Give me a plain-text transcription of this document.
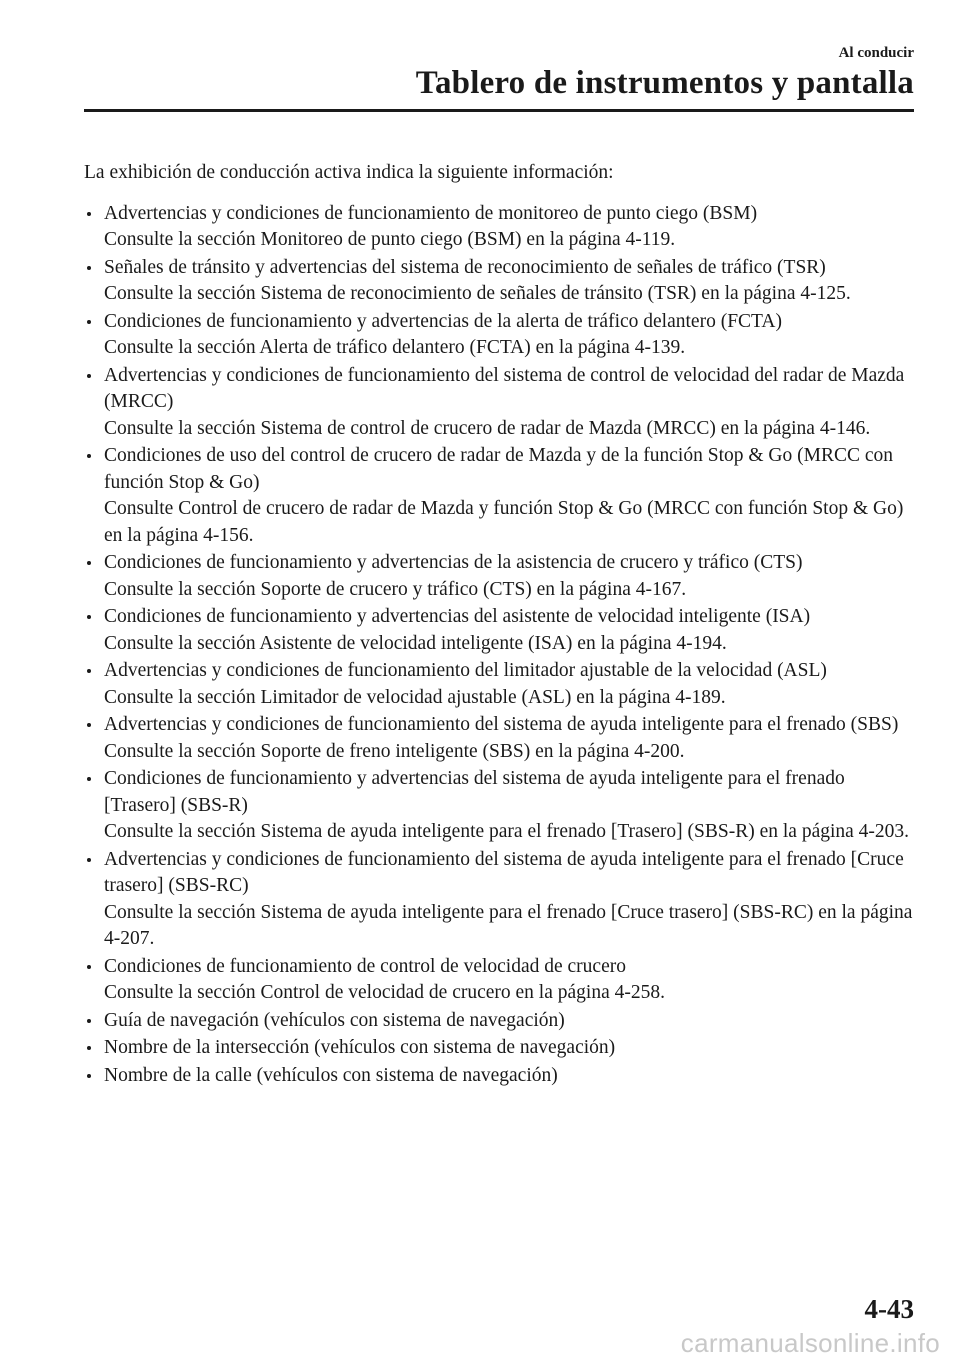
Al conducir
Tablero de instrumentos y pantalla

La exhibición de conducción activa indica la siguiente información:

Advertencias y condiciones de funcionamiento de monitoreo de punto ciego (BSM)
Consulte la sección Monitoreo de punto ciego (BSM) en la página 4-119.
Señales de tránsito y advertencias del sistema de reconocimiento de señales de tráfico (TSR)
Consulte la sección Sistema de reconocimiento de señales de tránsito (TSR) en la página 4-125.
Condiciones de funcionamiento y advertencias de la alerta de tráfico delantero (FCTA)
Consulte la sección Alerta de tráfico delantero (FCTA) en la página 4-139.
Advertencias y condiciones de funcionamiento del sistema de control de velocidad del radar de Mazda (MRCC)
Consulte la sección Sistema de control de crucero de radar de Mazda (MRCC) en la página 4-146.
Condiciones de uso del control de crucero de radar de Mazda y de la función Stop & Go (MRCC con función Stop & Go)
Consulte Control de crucero de radar de Mazda y función Stop & Go (MRCC con función Stop & Go) en la página 4-156.
Condiciones de funcionamiento y advertencias de la asistencia de crucero y tráfico (CTS)
Consulte la sección Soporte de crucero y tráfico (CTS) en la página 4-167.
Condiciones de funcionamiento y advertencias del asistente de velocidad inteligente (ISA)
Consulte la sección Asistente de velocidad inteligente (ISA) en la página 4-194.
Advertencias y condiciones de funcionamiento del limitador ajustable de la velocidad (ASL)
Consulte la sección Limitador de velocidad ajustable (ASL) en la página 4-189.
Advertencias y condiciones de funcionamiento del sistema de ayuda inteligente para el frenado (SBS)
Consulte la sección Soporte de freno inteligente (SBS) en la página 4-200.
Condiciones de funcionamiento y advertencias del sistema de ayuda inteligente para el frenado [Trasero] (SBS-R)
Consulte la sección Sistema de ayuda inteligente para el frenado [Trasero] (SBS-R) en la página 4-203.
Advertencias y condiciones de funcionamiento del sistema de ayuda inteligente para el frenado [Cruce trasero] (SBS-RC)
Consulte la sección Sistema de ayuda inteligente para el frenado [Cruce trasero] (SBS-RC) en la página 4-207.
Condiciones de funcionamiento de control de velocidad de crucero
Consulte la sección Control de velocidad de crucero en la página 4-258.
Guía de navegación (vehículos con sistema de navegación)
Nombre de la intersección (vehículos con sistema de navegación)
Nombre de la calle (vehículos con sistema de navegación)
4-43
carmanualsonline.info
